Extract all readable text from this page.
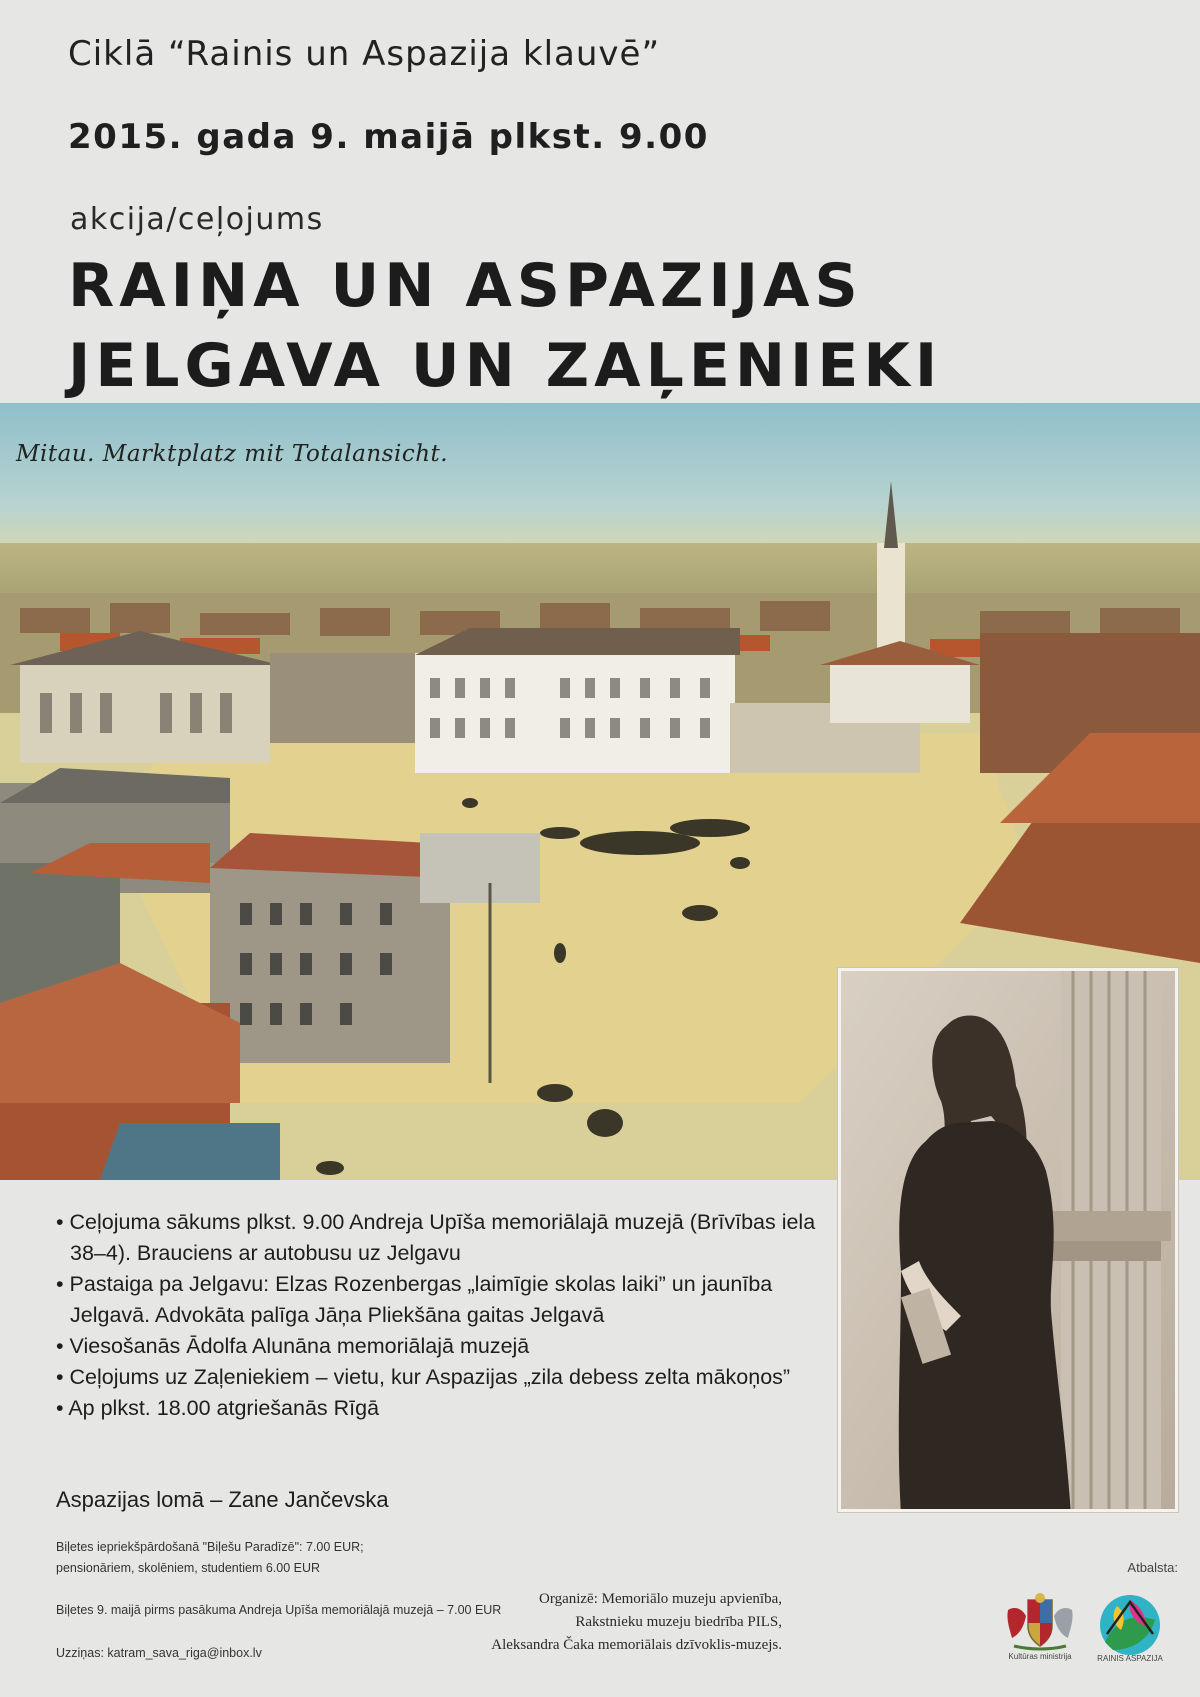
Ciklā “Rainis un Aspazija klauvē”
2015. gada 9. maijā plkst. 9.00
akcija/ceļojums
RAIŅA UN ASPAZIJAS
JELGAVA UN ZAĻENIEKI
Mitau. Marktplatz mit Totalansicht.
• Ceļojuma sākums plkst. 9.00 Andreja Upīša memoriālajā muzejā (Brīvības iela 38–4). Brauciens ar autobusu uz Jelgavu
• Pastaiga pa Jelgavu: Elzas Rozenbergas „laimīgie skolas laiki” un jaunība Jelgavā. Advokāta palīga Jāņa Pliekšāna gaitas Jelgavā
• Viesošanās Ādolfa Alunāna memoriālajā muzejā
• Ceļojums uz Zaļeniekiem – vietu, kur Aspazijas „zila debess zelta mākoņos”
• Ap plkst. 18.00 atgriešanās Rīgā
Aspazijas lomā – Zane Jančevska
Biļetes iepriekšpārdošanā "Biļešu Paradīzē": 7.00 EUR;
pensionāriem, skolēniem, studentiem 6.00 EUR
Biļetes 9. maijā pirms pasākuma Andreja Upīša memoriālajā muzejā – 7.00 EUR
Uzziņas: katram_sava_riga@inbox.lv
Organizē: Memoriālo muzeju apvienība,
Rakstnieku muzeju biedrība PILS,
Aleksandra Čaka memoriālais dzīvoklis-muzejs.
Atbalsta:
Kultūras ministrija	RAINIS ASPAZIJA
